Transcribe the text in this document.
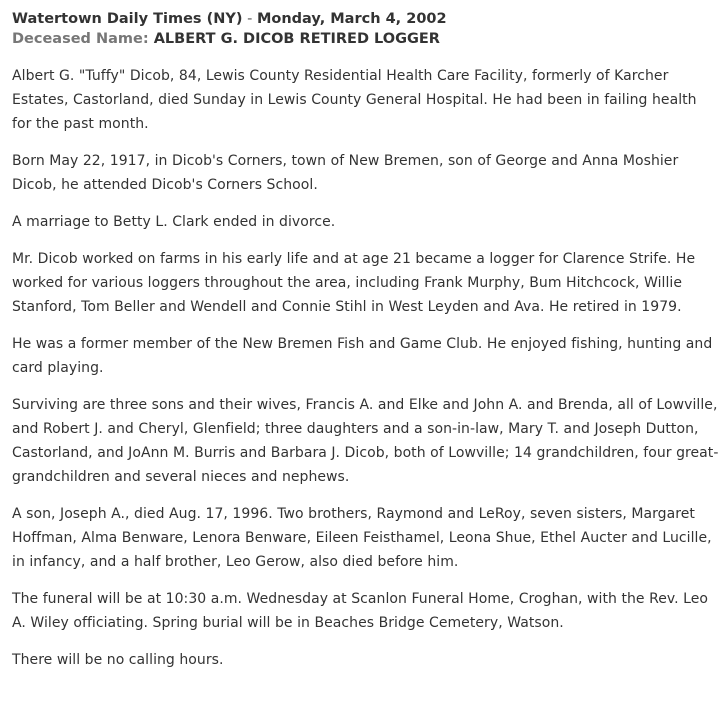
Watertown Daily Times (NY) - Monday, March 4, 2002
Deceased Name: ALBERT G. DICOB RETIRED LOGGER

Albert G. "Tuffy" Dicob, 84, Lewis County Residential Health Care Facility, formerly of Karcher Estates, Castorland, died Sunday in Lewis County General Hospital. He had been in failing health for the past month.

Born May 22, 1917, in Dicob's Corners, town of New Bremen, son of George and Anna Moshier Dicob, he attended Dicob's Corners School.

A marriage to Betty L. Clark ended in divorce.

Mr. Dicob worked on farms in his early life and at age 21 became a logger for Clarence Strife. He worked for various loggers throughout the area, including Frank Murphy, Bum Hitchcock, Willie Stanford, Tom Beller and Wendell and Connie Stihl in West Leyden and Ava. He retired in 1979.

He was a former member of the New Bremen Fish and Game Club. He enjoyed fishing, hunting and card playing.

Surviving are three sons and their wives, Francis A. and Elke and John A. and Brenda, all of Lowville, and Robert J. and Cheryl, Glenfield; three daughters and a son-in-law, Mary T. and Joseph Dutton, Castorland, and JoAnn M. Burris and Barbara J. Dicob, both of Lowville; 14 grandchildren, four great-grandchildren and several nieces and nephews.

A son, Joseph A., died Aug. 17, 1996. Two brothers, Raymond and LeRoy, seven sisters, Margaret Hoffman, Alma Benware, Lenora Benware, Eileen Feisthamel, Leona Shue, Ethel Aucter and Lucille, in infancy, and a half brother, Leo Gerow, also died before him.

The funeral will be at 10:30 a.m. Wednesday at Scanlon Funeral Home, Croghan, with the Rev. Leo A. Wiley officiating. Spring burial will be in Beaches Bridge Cemetery, Watson.

There will be no calling hours.
